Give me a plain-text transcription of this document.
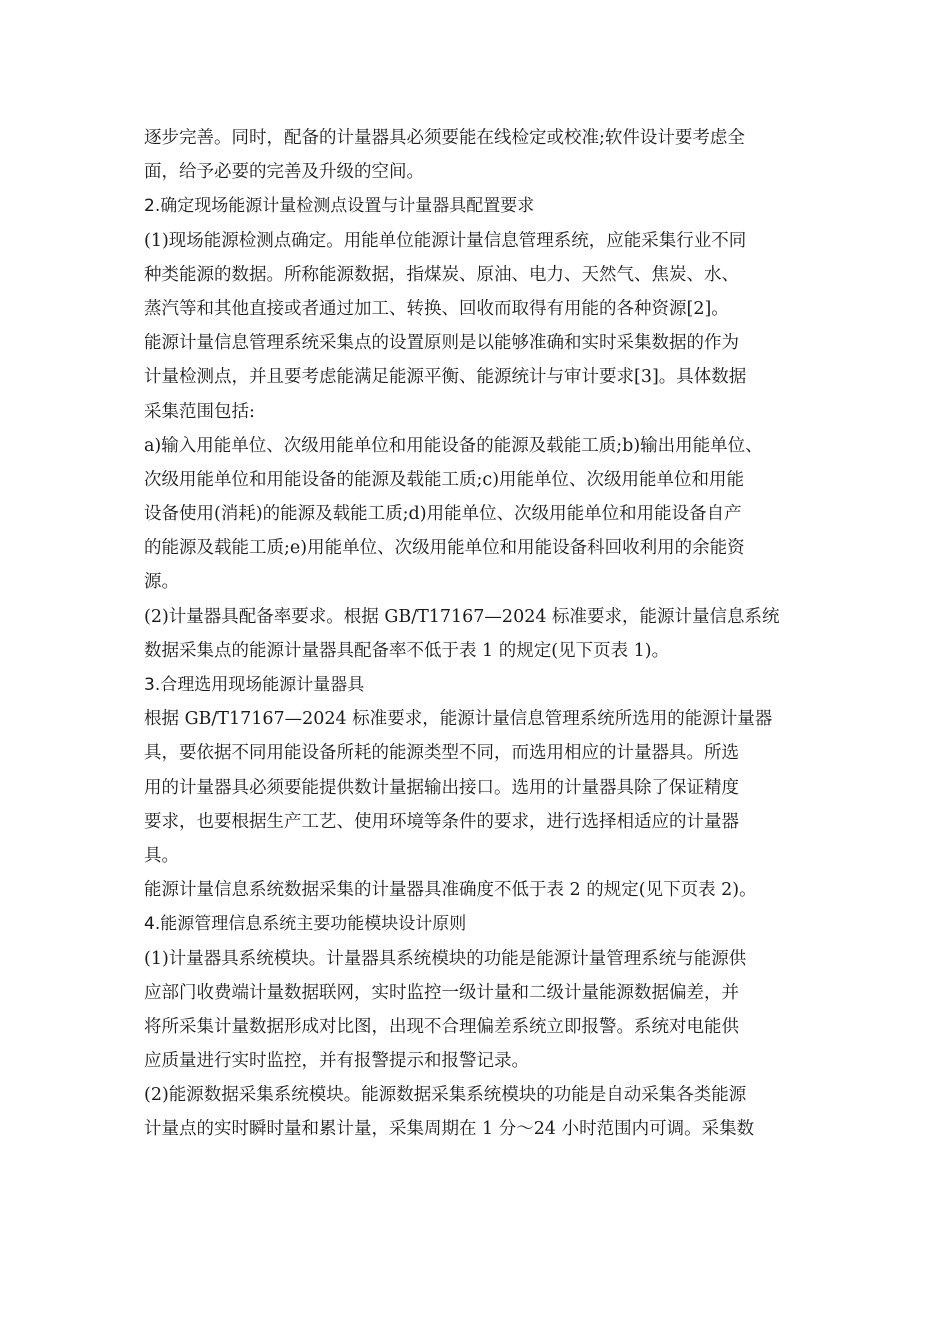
逐步完善。同时，配备的计量器具必须要能在线检定或校准;软件设计要考虑全
面，给予必要的完善及升级的空间。
2.确定现场能源计量检测点设置与计量器具配置要求
(1)现场能源检测点确定。用能单位能源计量信息管理系统，应能采集行业不同
种类能源的数据。所称能源数据，指煤炭、原油、电力、天然气、焦炭、水、
蒸汽等和其他直接或者通过加工、转换、回收而取得有用能的各种资源[2]。
能源计量信息管理系统采集点的设置原则是以能够准确和实时采集数据的作为
计量检测点，并且要考虑能满足能源平衡、能源统计与审计要求[3]。具体数据
采集范围包括:
a)输入用能单位、次级用能单位和用能设备的能源及载能工质;b)输出用能单位、
次级用能单位和用能设备的能源及载能工质;c)用能单位、次级用能单位和用能
设备使用(消耗)的能源及载能工质;d)用能单位、次级用能单位和用能设备自产
的能源及载能工质;e)用能单位、次级用能单位和用能设备科回收利用的余能资
源。
(2)计量器具配备率要求。根据 GB/T17167—2024 标准要求，能源计量信息系统
数据采集点的能源计量器具配备率不低于表 1 的规定(见下页表 1)。
3.合理选用现场能源计量器具
根据 GB/T17167—2024 标准要求，能源计量信息管理系统所选用的能源计量器
具，要依据不同用能设备所耗的能源类型不同，而选用相应的计量器具。所选
用的计量器具必须要能提供数计量据输出接口。选用的计量器具除了保证精度
要求，也要根据生产工艺、使用环境等条件的要求，进行选择相适应的计量器
具。
能源计量信息系统数据采集的计量器具准确度不低于表 2 的规定(见下页表 2)。
4.能源管理信息系统主要功能模块设计原则
(1)计量器具系统模块。计量器具系统模块的功能是能源计量管理系统与能源供
应部门收费端计量数据联网，实时监控一级计量和二级计量能源数据偏差，并
将所采集计量数据形成对比图，出现不合理偏差系统立即报警。系统对电能供
应质量进行实时监控，并有报警提示和报警记录。
(2)能源数据采集系统模块。能源数据采集系统模块的功能是自动采集各类能源
计量点的实时瞬时量和累计量，采集周期在 1 分～24 小时范围内可调。采集数
